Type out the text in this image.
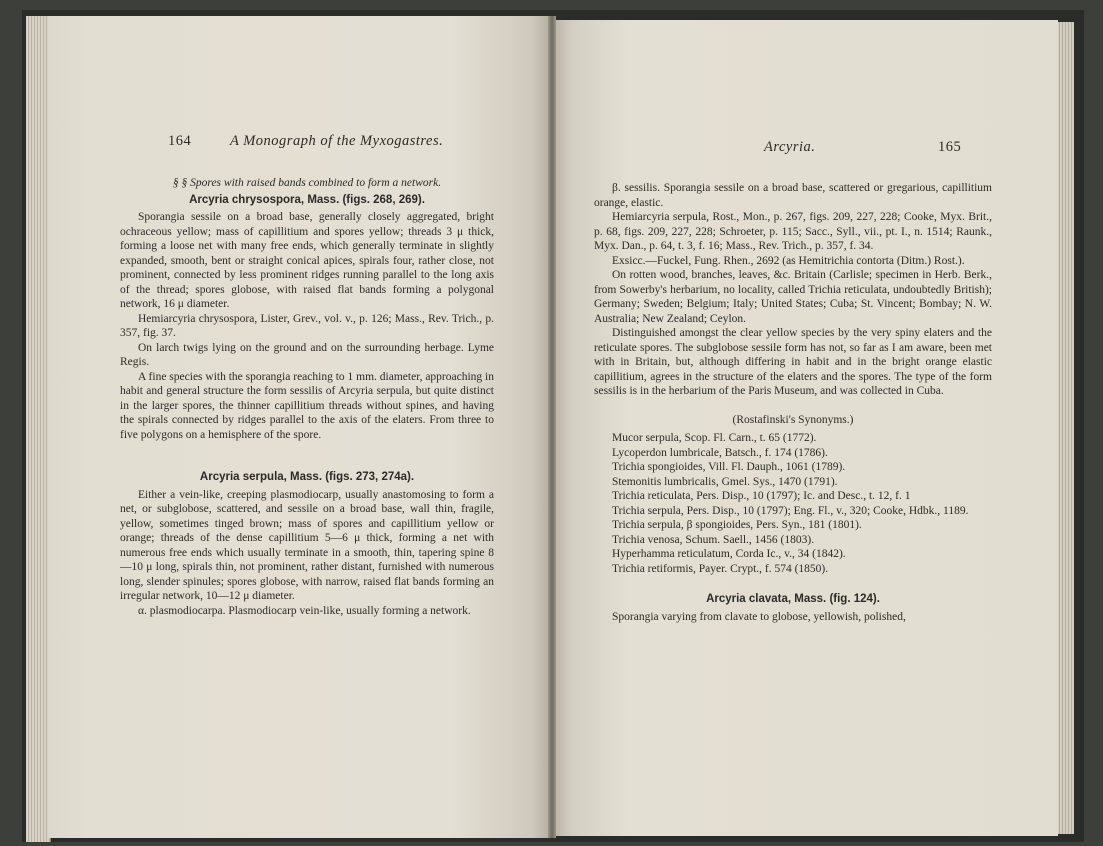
164	A Monograph of the Myxogastres.	Arcyria.	165

§ § Spores with raised bands combined to form a network.

Arcyria chrysospora, Mass. (figs. 268, 269).

Sporangia sessile on a broad base, generally closely aggregated, bright ochraceous yellow; mass of capillitium and spores yellow; threads 3 μ thick, forming a loose net with many free ends, which generally terminate in slightly expanded, smooth, bent or straight conical apices, spirals four, rather close, not prominent, connected by less prominent ridges running parallel to the long axis of the thread; spores globose, with raised flat bands forming a polygonal network, 16 μ diameter.

Hemiarcyria chrysospora, Lister, Grev., vol. v., p. 126; Mass., Rev. Trich., p. 357, fig. 37.

On larch twigs lying on the ground and on the surrounding herbage. Lyme Regis.

A fine species with the sporangia reaching to 1 mm. diameter, approaching in habit and general structure the form sessilis of Arcyria serpula, but quite distinct in the larger spores, the thinner capillitium threads without spines, and having the spirals connected by ridges parallel to the axis of the elaters. From three to five polygons on a hemisphere of the spore.

Arcyria serpula, Mass. (figs. 273, 274a).

Either a vein-like, creeping plasmodiocarp, usually anastomosing to form a net, or subglobose, scattered, and sessile on a broad base, wall thin, fragile, yellow, sometimes tinged brown; mass of spores and capillitium yellow or orange; threads of the dense capillitium 5—6 μ thick, forming a net with numerous free ends which usually terminate in a smooth, thin, tapering spine 8—10 μ long, spirals thin, not prominent, rather distant, furnished with numerous long, slender spinules; spores globose, with narrow, raised flat bands forming an irregular network, 10—12 μ diameter.

α. plasmodiocarpa. Plasmodiocarp vein-like, usually forming a network.

β. sessilis. Sporangia sessile on a broad base, scattered or gregarious, capillitium orange, elastic.

Hemiarcyria serpula, Rost., Mon., p. 267, figs. 209, 227, 228; Cooke, Myx. Brit., p. 68, figs. 209, 227, 228; Schroeter, p. 115; Sacc., Syll., vii., pt. I., n. 1514; Raunk., Myx. Dan., p. 64, t. 3, f. 16; Mass., Rev. Trich., p. 357, f. 34.

Exsicc.—Fuckel, Fung. Rhen., 2692 (as Hemitrichia contorta (Ditm.) Rost.).

On rotten wood, branches, leaves, &c. Britain (Carlisle; specimen in Herb. Berk., from Sowerby's herbarium, no locality, called Trichia reticulata, undoubtedly British); Germany; Sweden; Belgium; Italy; United States; Cuba; St. Vincent; Bombay; N. W. Australia; New Zealand; Ceylon.

Distinguished amongst the clear yellow species by the very spiny elaters and the reticulate spores. The subglobose sessile form has not, so far as I am aware, been met with in Britain, but, although differing in habit and in the bright orange elastic capillitium, agrees in the structure of the elaters and the spores. The type of the form sessilis is in the herbarium of the Paris Museum, and was collected in Cuba.

(Rostafinski's Synonyms.)

Mucor serpula, Scop. Fl. Carn., t. 65 (1772).

Lycoperdon lumbricale, Batsch., f. 174 (1786).

Trichia spongioides, Vill. Fl. Dauph., 1061 (1789).

Stemonitis lumbricalis, Gmel. Sys., 1470 (1791).

Trichia reticulata, Pers. Disp., 10 (1797); Ic. and Desc., t. 12, f. 1

Trichia serpula, Pers. Disp., 10 (1797); Eng. Fl., v., 320; Cooke, Hdbk., 1189.

Trichia serpula, β spongioides, Pers. Syn., 181 (1801).

Trichia venosa, Schum. Saell., 1456 (1803).

Hyperhamma reticulatum, Corda Ic., v., 34 (1842).

Trichia retiformis, Payer. Crypt., f. 574 (1850).

Arcyria clavata, Mass. (fig. 124).

Sporangia varying from clavate to globose, yellowish, polished,
